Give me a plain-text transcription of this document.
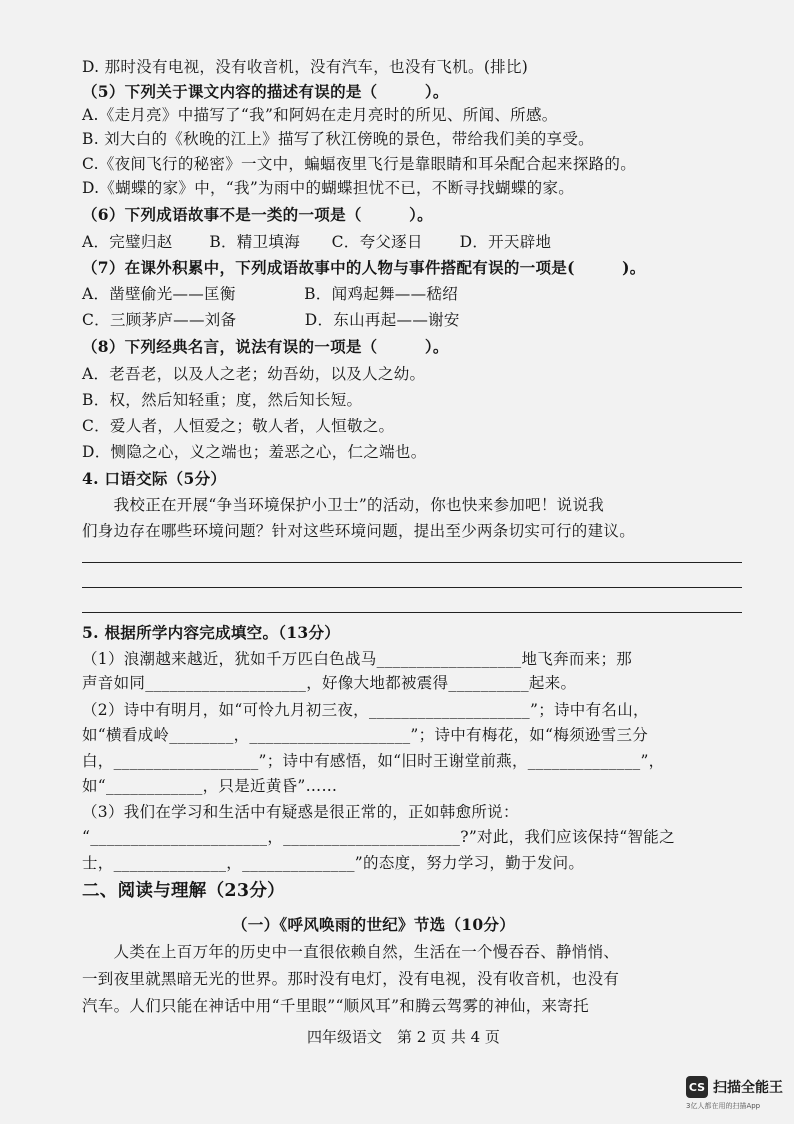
D. 那时没有电视，没有收音机，没有汽车，也没有飞机。(排比)
（5）下列关于课文内容的描述有误的是（　　　）。
A.《走月亮》中描写了“我”和阿妈在走月亮时的所见、所闻、所感。
B. 刘大白的《秋晚的江上》描写了秋江傍晚的景色，带给我们美的享受。
C.《夜间飞行的秘密》一文中，蝙蝠夜里飞行是靠眼睛和耳朵配合起来探路的。
D.《蝴蝶的家》中，“我”为雨中的蝴蝶担忧不已，不断寻找蝴蝶的家。
（6）下列成语故事不是一类的一项是（　　　）。
A．完璧归赵　　 B．精卫填海　　C．夸父逐日　　 D．开天辟地
（7）在课外积累中，下列成语故事中的人物与事件搭配有误的一项是(　　　)。
A．凿壁偷光——匡衡　　　　 B．闻鸡起舞——嵇绍
C．三顾茅庐——刘备　　　　 D．东山再起——谢安
（8）下列经典名言，说法有误的一项是（　　　）。
A．老吾老，以及人之老；幼吾幼，以及人之幼。
B．权，然后知轻重；度，然后知长短。
C．爱人者，人恒爱之；敬人者，人恒敬之。
D．恻隐之心，义之端也；羞恶之心，仁之端也。
4. 口语交际（5分）
　　我校正在开展“争当环境保护小卫士”的活动，你也快来参加吧！说说我
们身边存在哪些环境问题？针对这些环境问题，提出至少两条切实可行的建议。
5. 根据所学内容完成填空。（13分）
（1）浪潮越来越近，犹如千万匹白色战马__________________地飞奔而来；那
声音如同____________________，好像大地都被震得__________起来。
（2）诗中有明月，如“可怜九月初三夜，____________________”；诗中有名山，
如“横看成岭________，____________________”；诗中有梅花，如“梅须逊雪三分
白，__________________”；诗中有感悟，如“旧时王谢堂前燕，______________”，
如“____________，只是近黄昏”……
（3）我们在学习和生活中有疑惑是很正常的，正如韩愈所说：
“______________________，______________________?”对此，我们应该保持“智能之
士，______________，______________”的态度，努力学习，勤于发问。
二、阅读与理解（23分）
（一）《呼风唤雨的世纪》节选（10分）
　　人类在上百万年的历史中一直很依赖自然，生活在一个慢吞吞、静悄悄、
一到夜里就黑暗无光的世界。那时没有电灯，没有电视，没有收音机，也没有
汽车。人们只能在神话中用“千里眼”“顺风耳”和腾云驾雾的神仙，来寄托
四年级语文　第 2 页 共 4 页
CS 扫描全能王
3亿人都在用的扫描App
